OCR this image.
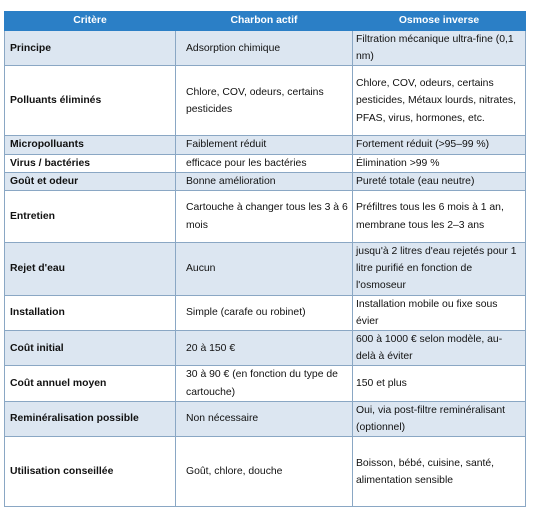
Critère	Charbon actif	Osmose inverse
Principe	Adsorption chimique	Filtration mécanique ultra-fine (0,1 nm)
Polluants éliminés	Chlore, COV, odeurs, certains pesticides	Chlore, COV, odeurs, certains pesticides, Métaux lourds, nitrates, PFAS, virus, hormones, etc.
Micropolluants	Faiblement réduit	Fortement réduit (>95–99 %)
Virus / bactéries	efficace pour les bactéries	Élimination >99 %
Goût et odeur	Bonne amélioration	Pureté totale (eau neutre)
Entretien	Cartouche à changer tous les 3 à 6 mois	Préfiltres tous les 6 mois à 1 an, membrane tous les 2–3 ans
Rejet d'eau	Aucun	jusqu'à 2 litres d'eau rejetés pour 1 litre purifié en fonction de l'osmoseur
Installation	Simple (carafe ou robinet)	Installation mobile ou fixe sous évier
Coût initial	20 à 150 €	600 à 1000 € selon modèle, au-delà à éviter
Coût annuel moyen	30 à 90 € (en fonction du type de cartouche)	150 et plus
Reminéralisation possible	Non nécessaire	Oui, via post-filtre reminéralisant (optionnel)
Utilisation conseillée	Goût, chlore, douche	Boisson, bébé, cuisine, santé, alimentation sensible
